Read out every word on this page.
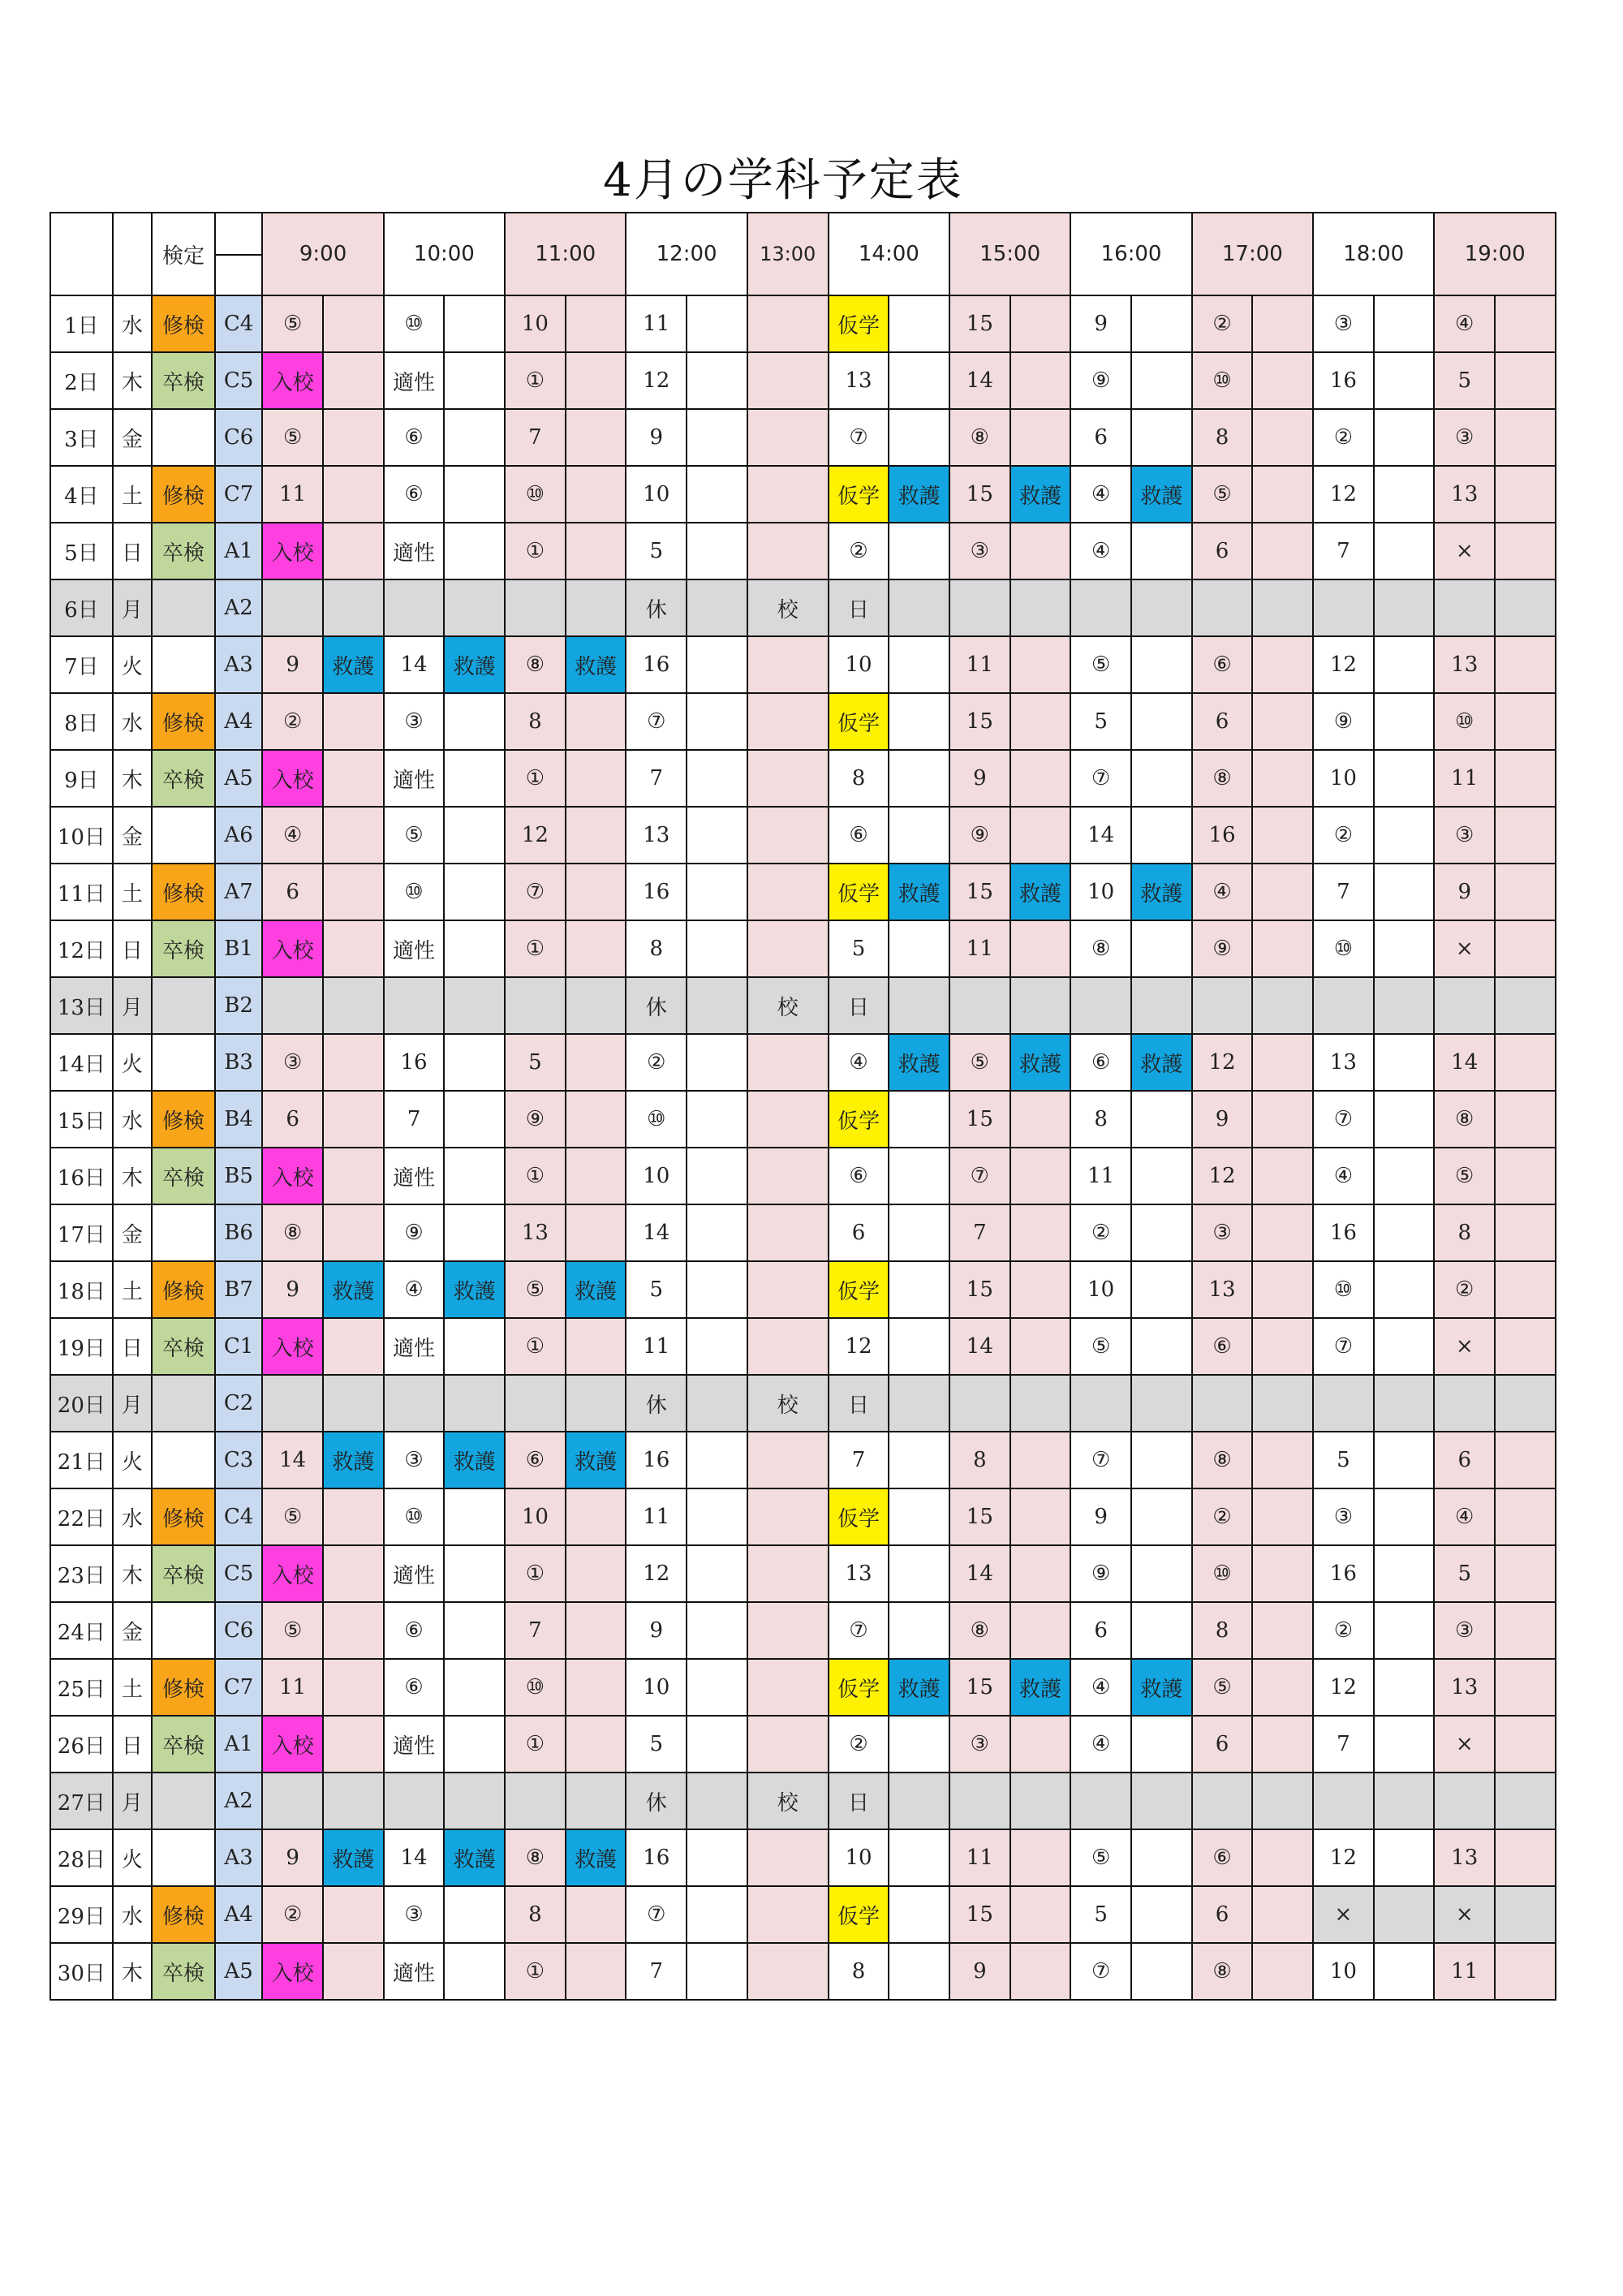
4月の学科予定表
		検定		9:00		10:00		11:00		12:00		13:00	14:00		15:00		16:00		17:00		18:00		19:00	
1日	水	修検	C4	⑤		⑩		10		11			仮学		15		9		②		③		④	
2日	木	卒検	C5	入校		適性		①		12			13		14		⑨		⑩		16		5	
3日	金		C6	⑤		⑥		7		9			⑦		⑧		6		8		②		③	
4日	土	修検	C7	11		⑥		⑩		10			仮学	救護	15	救護	④	救護	⑤		12		13	
5日	日	卒検	A1	入校		適性		①		5			②		③		④		6		7		×	
6日	月		A2							休		校	日											
7日	火		A3	9	救護	14	救護	⑧	救護	16			10		11		⑤		⑥		12		13	
8日	水	修検	A4	②		③		8		⑦			仮学		15		5		6		⑨		⑩	
9日	木	卒検	A5	入校		適性		①		7			8		9		⑦		⑧		10		11	
10日	金		A6	④		⑤		12		13			⑥		⑨		14		16		②		③	
11日	土	修検	A7	6		⑩		⑦		16			仮学	救護	15	救護	10	救護	④		7		9	
12日	日	卒検	B1	入校		適性		①		8			5		11		⑧		⑨		⑩		×	
13日	月		B2							休		校	日											
14日	火		B3	③		16		5		②			④	救護	⑤	救護	⑥	救護	12		13		14	
15日	水	修検	B4	6		7		⑨		⑩			仮学		15		8		9		⑦		⑧	
16日	木	卒検	B5	入校		適性		①		10			⑥		⑦		11		12		④		⑤	
17日	金		B6	⑧		⑨		13		14			6		7		②		③		16		8	
18日	土	修検	B7	9	救護	④	救護	⑤	救護	5			仮学		15		10		13		⑩		②	
19日	日	卒検	C1	入校		適性		①		11			12		14		⑤		⑥		⑦		×	
20日	月		C2							休		校	日											
21日	火		C3	14	救護	③	救護	⑥	救護	16			7		8		⑦		⑧		5		6	
22日	水	修検	C4	⑤		⑩		10		11			仮学		15		9		②		③		④	
23日	木	卒検	C5	入校		適性		①		12			13		14		⑨		⑩		16		5	
24日	金		C6	⑤		⑥		7		9			⑦		⑧		6		8		②		③	
25日	土	修検	C7	11		⑥		⑩		10			仮学	救護	15	救護	④	救護	⑤		12		13	
26日	日	卒検	A1	入校		適性		①		5			②		③		④		6		7		×	
27日	月		A2							休		校	日											
28日	火		A3	9	救護	14	救護	⑧	救護	16			10		11		⑤		⑥		12		13	
29日	水	修検	A4	②		③		8		⑦			仮学		15		5		6		×		×	
30日	木	卒検	A5	入校		適性		①		7			8		9		⑦		⑧		10		11	
